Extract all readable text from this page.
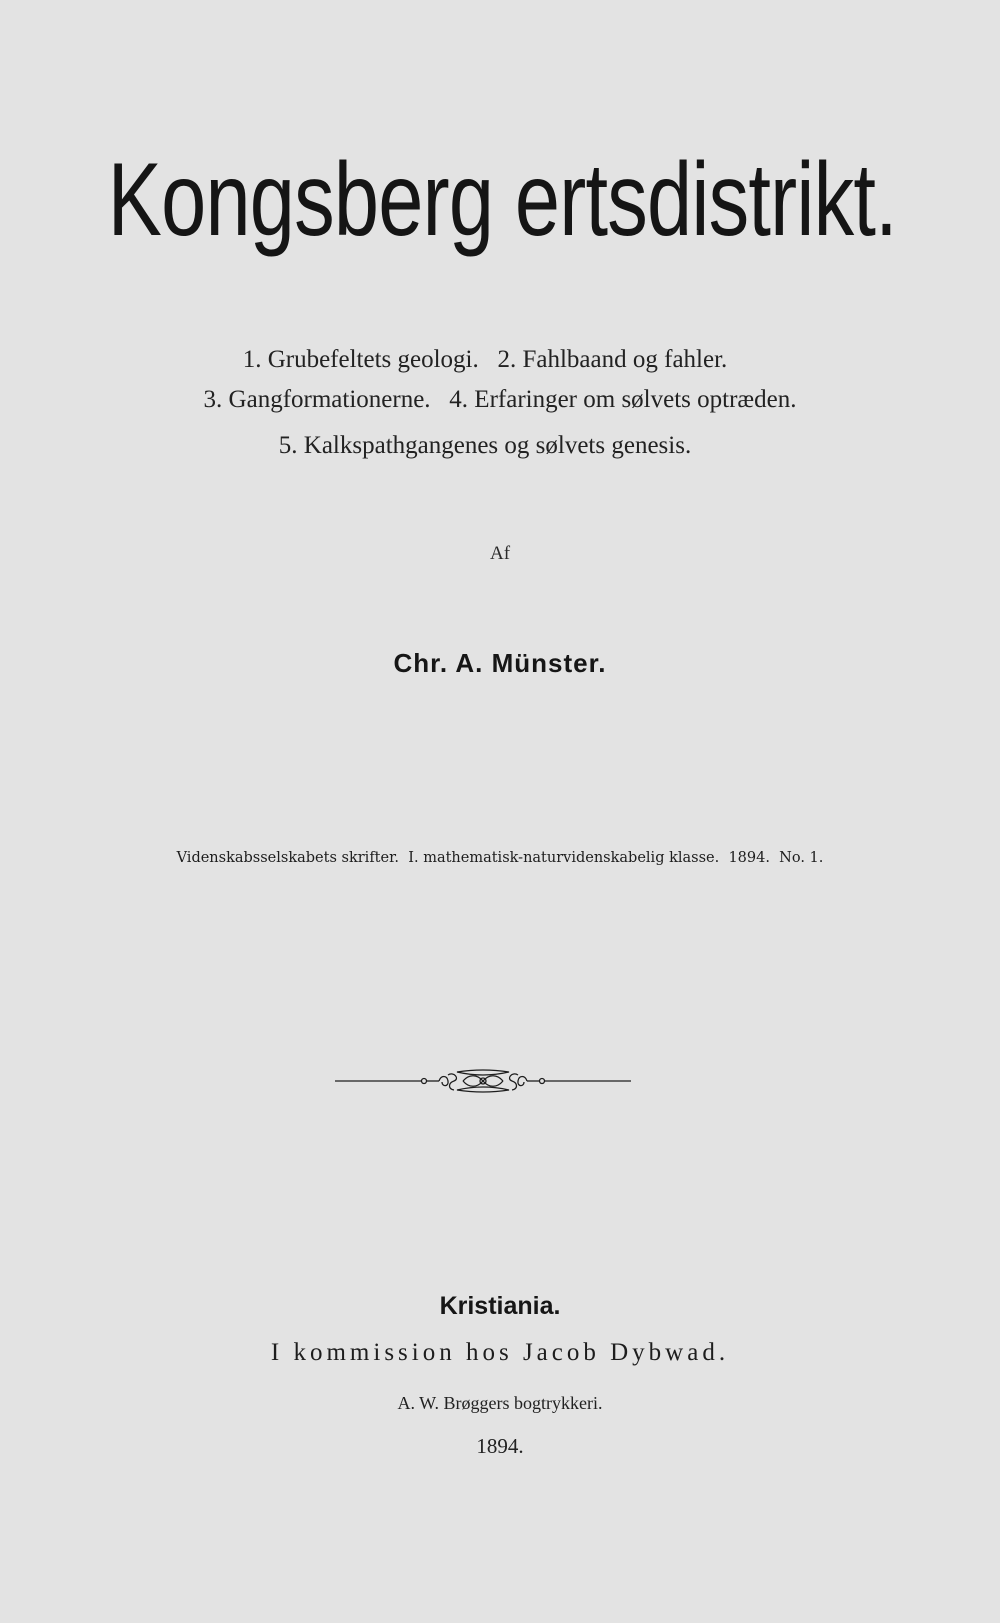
Kongsberg ertsdistrikt.
1. Grubefeltets geologi.   2. Fahlbaand og fahler.
3. Gangformationerne.   4. Erfaringer om sølvets optræden.
5. Kalkspathgangenes og sølvets genesis.
Af
Chr. A. Münster.
Videnskabsselskabets skrifter.  I. mathematisk-naturvidenskabelig klasse.  1894.  No. 1.
Kristiania.
I kommission hos Jacob Dybwad.
A. W. Brøggers bogtrykkeri.
1894.
